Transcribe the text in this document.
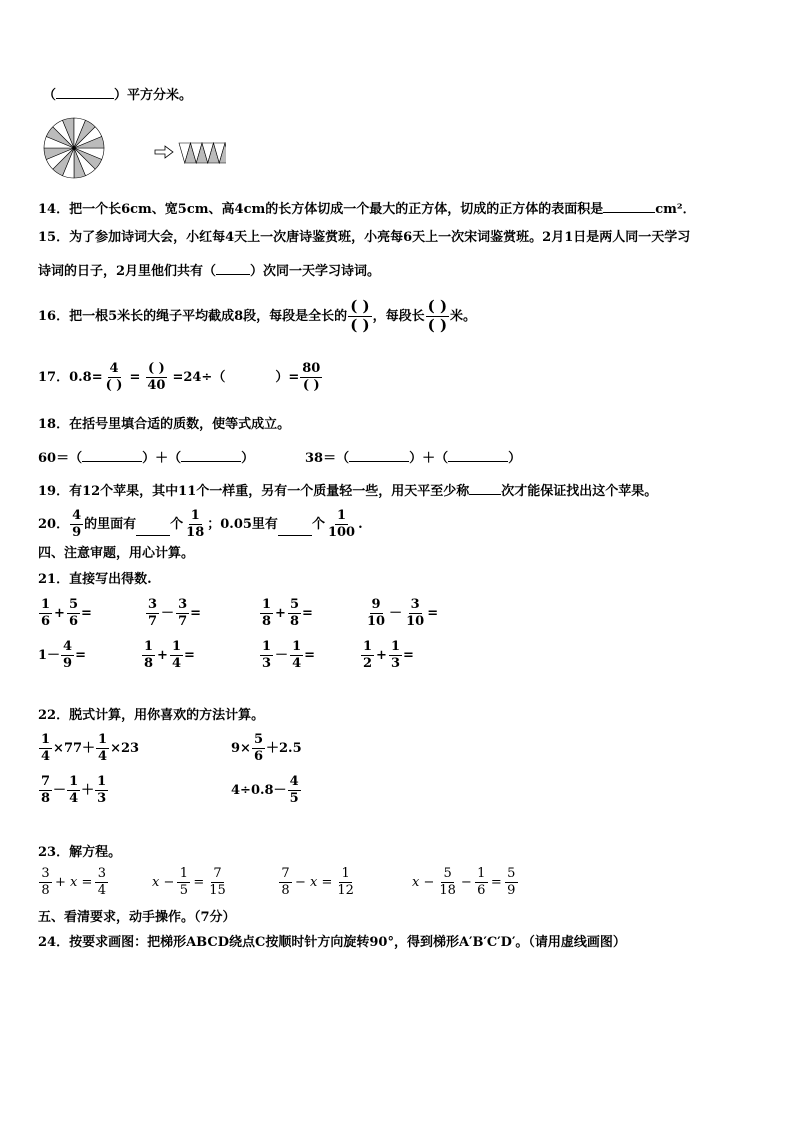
（	）平方分米。
14．把一个长6cm、宽5cm、高4cm的长方体切成一个最大的正方体，切成的正方体的表面积是	cm²．
15．为了参加诗词大会，小红每4天上一次唐诗鉴赏班，小亮每6天上一次宋词鉴赏班。2月1日是两人同一天学习
诗词的日子，2月里他们共有（	）次同一天学习诗词。
16．把一根5米长的绳子平均截成8段，每段是全长的 $\frac{( )}{( )}$ ，每段长 $\frac{( )}{( )}$ 米。
17．$0.8= \frac{4}{( )} = \frac{( )}{40} =24\div$（	）= $\frac{80}{( )}$
18．在括号里填合适的质数，使等式成立。
60＝（	）＋（	）	38＝（	）＋（	）
19．有12个苹果，其中11个一样重，另有一个质量轻一些，用天平至少称 次才能保证找出这个苹果。
20． $\frac{4}{9}$ 的里面有	个 $\frac{1}{18}$ ；0.05里有	个 $\frac{1}{100}$ .
四、注意审题，用心计算。
21．直接写出得数.
$\frac{1}{6} + \frac{5}{6}$ =	$\frac{3}{7} - \frac{3}{7}$ =	$\frac{1}{8} + \frac{5}{8}$ =	$\frac{9}{10} - \frac{3}{10}$ =
$1- \frac{4}{9}$ =	$\frac{1}{8} + \frac{1}{4}$ =	$\frac{1}{3} - \frac{1}{4}$ =	$\frac{1}{2} + \frac{1}{3}$ =
22．脱式计算，用你喜欢的方法计算。
$\frac{1}{4} \times 77+ \frac{1}{4} \times 23$	$9\times \frac{5}{6} +2.5$
$\frac{7}{8} - \frac{1}{4} + \frac{1}{3}$	$4\div 0.8- \frac{4}{5}$
23．解方程。
$\frac{3}{8} + x = \frac{3}{4}$	$x - \frac{1}{5} = \frac{7}{15}$	$\frac{7}{8} - x = \frac{1}{12}$	$x - \frac{5}{18} - \frac{1}{6} = \frac{5}{9}$
五、看清要求，动手操作。（7分）
24．按要求画图：把梯形ABCD绕点C按顺时针方向旋转90°，得到梯形A′B′C′D′。（请用虚线画图）
